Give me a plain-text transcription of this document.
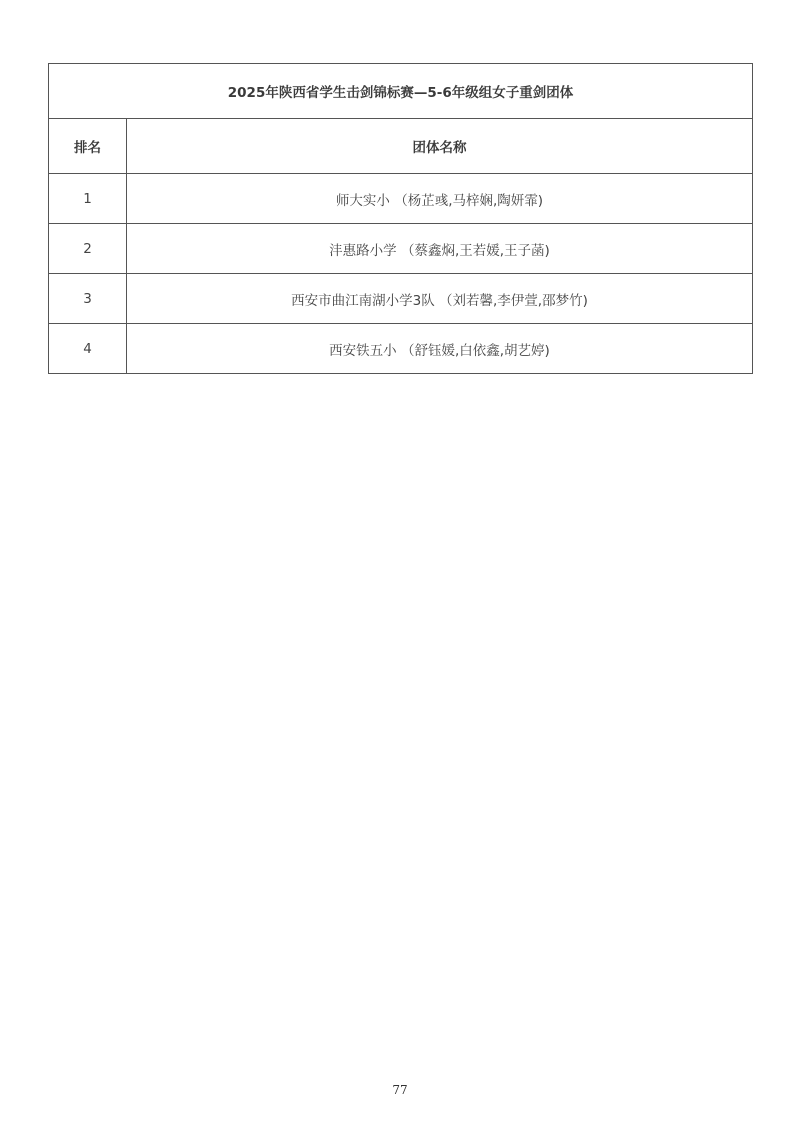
2025年陕西省学生击剑锦标赛—5-6年级组女子重剑团体	
排名	团体名称
1	师大实小 （杨芷彧,马梓娴,陶妍霏)
2	沣惠路小学 （蔡鑫焖,王若媛,王子菡)
3	西安市曲江南湖小学3队 （刘若馨,李伊萱,邵梦竹)
4	西安铁五小 （舒钰媛,白依鑫,胡艺婷)
77
